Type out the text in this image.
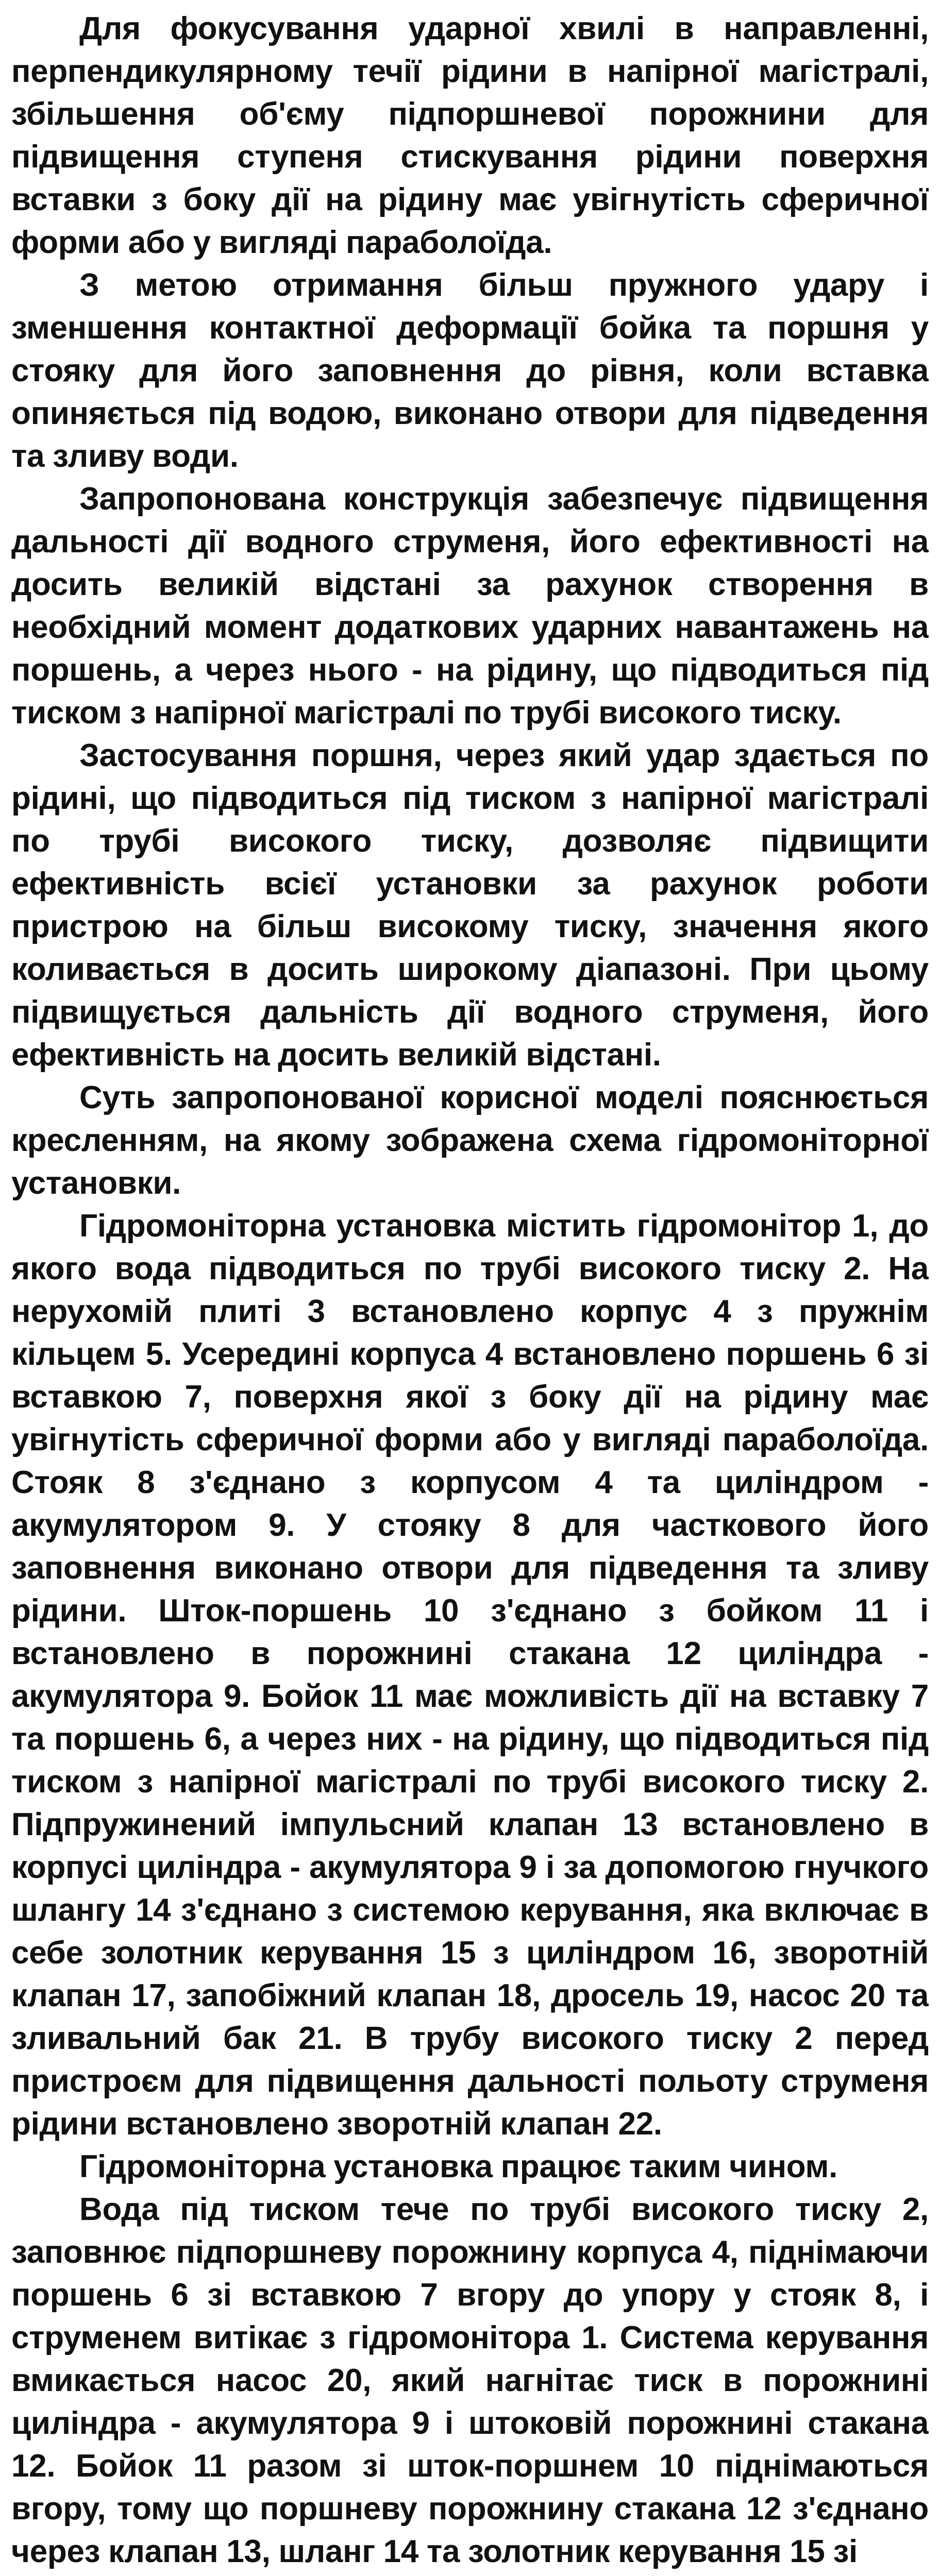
Для фокусування ударної хвилі в направленні, перпендикулярному течії рідини в напірної магістралі, збільшення об'єму підпоршневої порожнини для підвищення ступеня стискування рідини поверхня вставки з боку дії на рідину має увігнутість сферичної форми або у вигляді параболоїда.

З метою отримання більш пружного удару і зменшення контактної деформації бойка та поршня у стояку для його заповнення до рівня, коли вставка опиняється під водою, виконано отвори для підведення та зливу води.

Запропонована конструкція забезпечує підвищення дальності дії водного струменя, його ефективності на досить великій відстані за рахунок створення в необхідний момент додаткових ударних навантажень на поршень, а через нього - на рідину, що підводиться під тиском з напірної магістралі по трубі високого тиску.

Застосування поршня, через який удар здається по рідині, що підводиться під тиском з напірної магістралі по трубі високого тиску, дозволяє підвищити ефективність всієї установки за рахунок роботи пристрою на більш високому тиску, значення якого коливається в досить широкому діапазоні. При цьому підвищується дальність дії водного струменя, його ефективність на досить великій відстані.

Суть запропонованої корисної моделі пояснюється кресленням, на якому зображена схема гідромоніторної установки.

Гідромоніторна установка містить гідромонітор 1, до якого вода підводиться по трубі високого тиску 2. На нерухомій плиті 3 встановлено корпус 4 з пружнім кільцем 5. Усередині корпуса 4 встановлено поршень 6 зі вставкою 7, поверхня якої з боку дії на рідину має увігнутість сферичної форми або у вигляді параболоїда. Стояк 8 з'єднано з корпусом 4 та циліндром - акумулятором 9. У стояку 8 для часткового його заповнення виконано отвори для підведення та зливу рідини. Шток-поршень 10 з'єднано з бойком 11 і встановлено в порожнині стакана 12 циліндра - акумулятора 9. Бойок 11 має можливість дії на вставку 7 та поршень 6, а через них - на рідину, що підводиться під тиском з напірної магістралі по трубі високого тиску 2. Підпружинений імпульсний клапан 13 встановлено в корпусі циліндра - акумулятора 9 і за допомогою гнучкого шлангу 14 з'єднано з системою керування, яка включає в себе золотник керування 15 з циліндром 16, зворотній клапан 17, запобіжний клапан 18, дросель 19, насос 20 та зливальний бак 21. В трубу високого тиску 2 перед пристроєм для підвищення дальності польоту струменя рідини встановлено зворотній клапан 22.

Гідромоніторна установка працює таким чином.

Вода під тиском тече по трубі високого тиску 2, заповнює підпоршневу порожнину корпуса 4, піднімаючи поршень 6 зі вставкою 7 вгору до упору у стояк 8, і струменем витікає з гідромонітора 1. Система керування вмикається насос 20, який нагнітає тиск в порожнині циліндра - акумулятора 9 і штоковій порожнині стакана 12. Бойок 11 разом зі шток-поршнем 10 піднімаються вгору, тому що поршневу порожнину стакана 12 з'єднано через клапан 13, шланг 14 та золотник керування 15 зі
